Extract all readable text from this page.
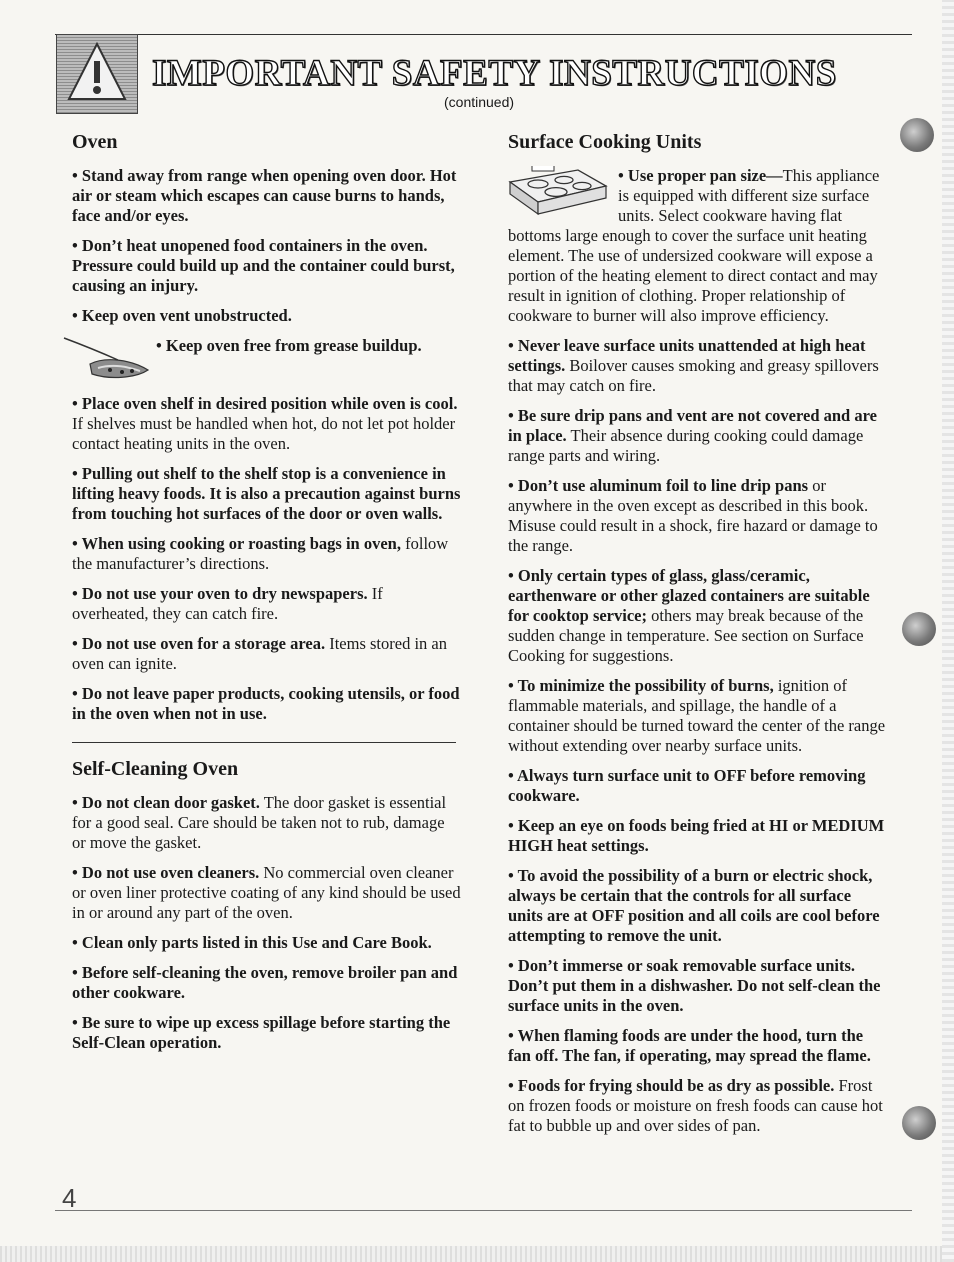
IMPORTANT SAFETY INSTRUCTIONS
(continued)
Oven

• Stand away from range when opening oven door. Hot air or steam which escapes can cause burns to hands, face and/or eyes.

• Don’t heat unopened food containers in the oven. Pressure could build up and the container could burst, causing an injury.

• Keep oven vent unobstructed.

• Keep oven free from grease buildup.

• Place oven shelf in desired position while oven is cool. If shelves must be handled when hot, do not let pot holder contact heating units in the oven.

• Pulling out shelf to the shelf stop is a convenience in lifting heavy foods. It is also a precaution against burns from touching hot surfaces of the door or oven walls.

• When using cooking or roasting bags in oven, follow the manufacturer’s directions.

• Do not use your oven to dry newspapers. If overheated, they can catch fire.

• Do not use oven for a storage area. Items stored in an oven can ignite.

• Do not leave paper products, cooking utensils, or food in the oven when not in use.

Self-Cleaning Oven

• Do not clean door gasket. The door gasket is essential for a good seal. Care should be taken not to rub, damage or move the gasket.

• Do not use oven cleaners. No commercial oven cleaner or oven liner protective coating of any kind should be used in or around any part of the oven.

• Clean only parts listed in this Use and Care Book.

• Before self-cleaning the oven, remove broiler pan and other cookware.

• Be sure to wipe up excess spillage before starting the Self-Clean operation.

Surface Cooking Units

• Use proper pan size—This appliance is equipped with different size surface units. Select cookware having flat bottoms large enough to cover the surface unit heating element. The use of undersized cookware will expose a portion of the heating element to direct contact and may result in ignition of clothing. Proper relationship of cookware to burner will also improve efficiency.

• Never leave surface units unattended at high heat settings. Boilover causes smoking and greasy spillovers that may catch on fire.

• Be sure drip pans and vent are not covered and are in place. Their absence during cooking could damage range parts and wiring.

• Don’t use aluminum foil to line drip pans or anywhere in the oven except as described in this book. Misuse could result in a shock, fire hazard or damage to the range.

• Only certain types of glass, glass/ceramic, earthenware or other glazed containers are suitable for cooktop service; others may break because of the sudden change in temperature. See section on Surface Cooking for suggestions.

• To minimize the possibility of burns, ignition of flammable materials, and spillage, the handle of a container should be turned toward the center of the range without extending over nearby surface units.

• Always turn surface unit to OFF before removing cookware.

• Keep an eye on foods being fried at HI or MEDIUM HIGH heat settings.

• To avoid the possibility of a burn or electric shock, always be certain that the controls for all surface units are at OFF position and all coils are cool before attempting to remove the unit.

• Don’t immerse or soak removable surface units. Don’t put them in a dishwasher. Do not self-clean the surface units in the oven.

• When flaming foods are under the hood, turn the fan off. The fan, if operating, may spread the flame.

• Foods for frying should be as dry as possible. Frost on frozen foods or moisture on fresh foods can cause hot fat to bubble up and over sides of pan.

4
